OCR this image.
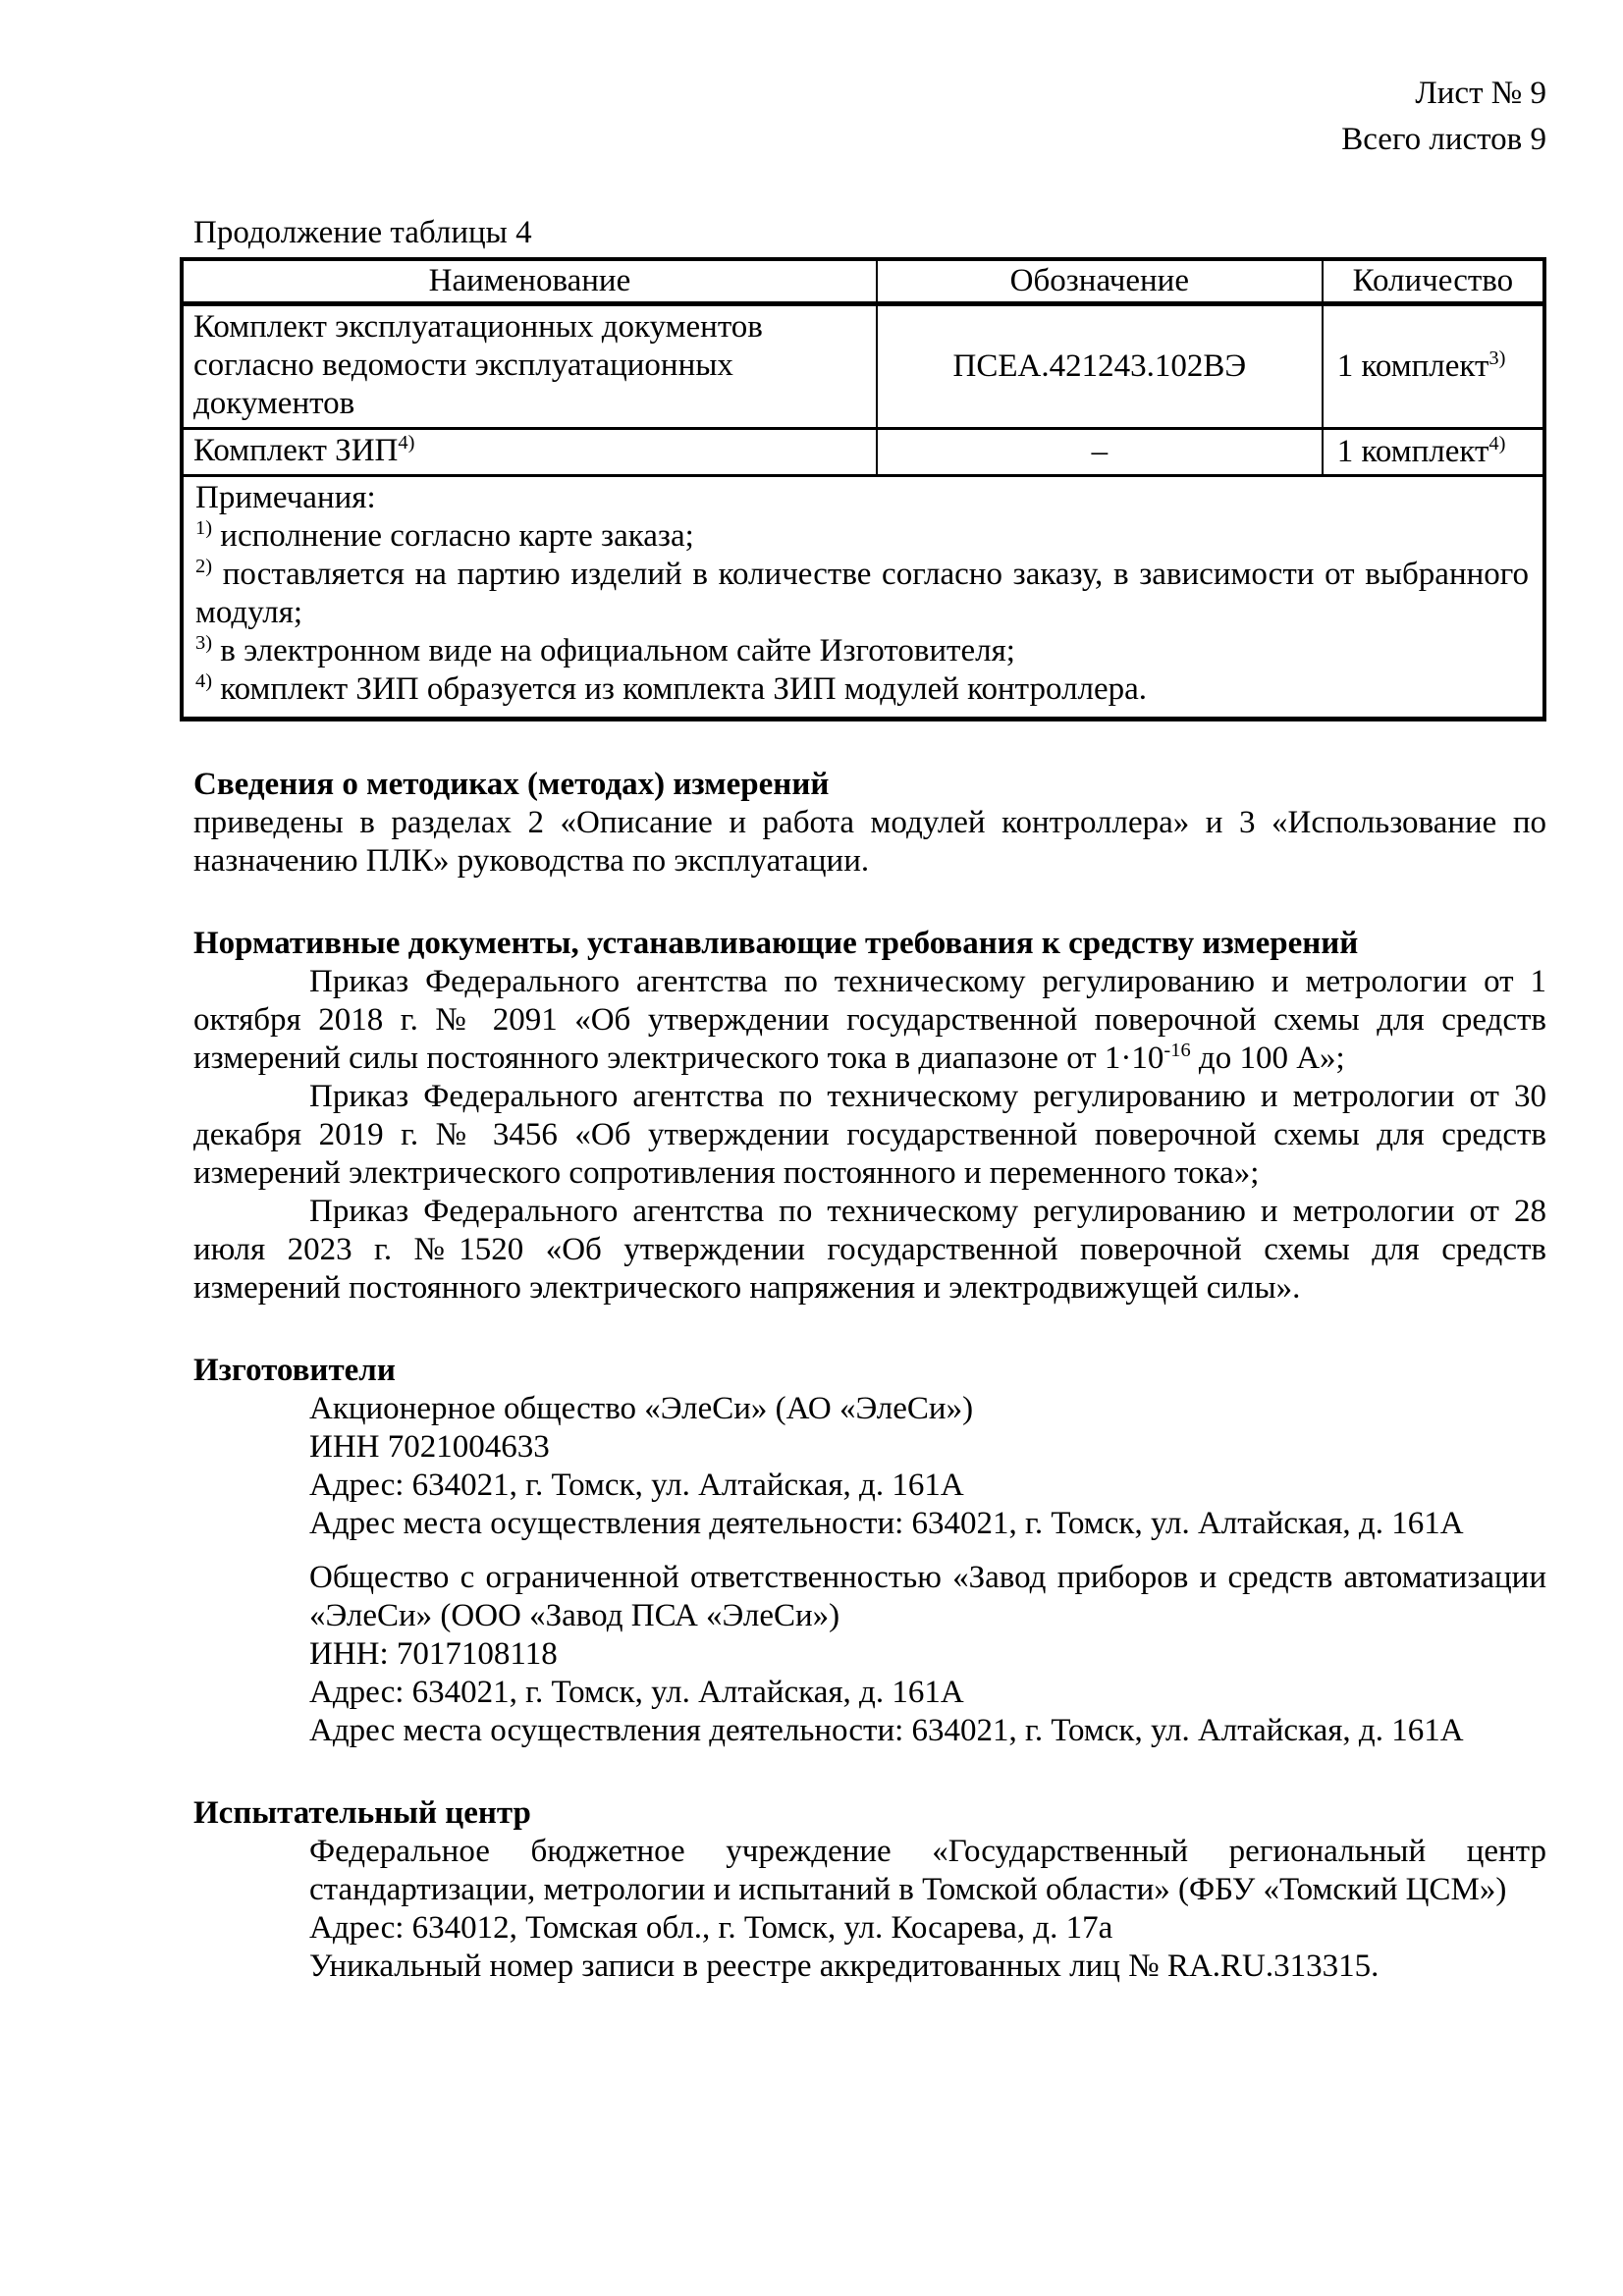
Лист № 9
Всего листов 9
Продолжение таблицы 4
Наименование	Обозначение	Количество
Комплект эксплуатационных документов согласно ведомости эксплуатационных документов	ПСЕА.421243.102ВЭ	1 комплект$^{3)}$
Комплект ЗИП$^{4)}$	–	1 комплект$^{4)}$

Примечания:
$^{1)}$ исполнение согласно карте заказа;
$^{2)}$ поставляется на партию изделий в количестве согласно заказу, в зависимости от выбранного модуля;
$^{3)}$ в электронном виде на официальном сайте Изготовителя;
$^{4)}$ комплект ЗИП образуется из комплекта ЗИП модулей контроллера.		
Сведения о методиках (методах) измерений
приведены в разделах 2 «Описание и работа модулей контроллера» и 3 «Использование по назначению ПЛК» руководства по эксплуатации.
Нормативные документы, устанавливающие требования к средству измерений

Приказ Федерального агентства по техническому регулированию и метрологии от 1 октября 2018 г. № 2091 «Об утверждении государственной поверочной схемы для средств измерений силы постоянного электрического тока в диапазоне от $1\cdot 10^{-16}$ до 100 А»;

Приказ Федерального агентства по техническому регулированию и метрологии от 30 декабря 2019 г. № 3456 «Об утверждении государственной поверочной схемы для средств измерений электрического сопротивления постоянного и переменного тока»;

Приказ Федерального агентства по техническому регулированию и метрологии от 28 июля 2023 г. №1520 «Об утверждении государственной поверочной схемы для средств измерений постоянного электрического напряжения и электродвижущей силы».

Изготовители
Акционерное общество «ЭлеСи» (АО «ЭлеСи»)
ИНН 7021004633
Адрес: 634021, г. Томск, ул. Алтайская, д. 161А
Адрес места осуществления деятельности: 634021, г. Томск, ул. Алтайская, д. 161А
Общество с ограниченной ответственностью «Завод приборов и средств автоматизации «ЭлеСи» (ООО «Завод ПСА «ЭлеСи»)
ИНН: 7017108118
Адрес: 634021, г. Томск, ул. Алтайская, д. 161А
Адрес места осуществления деятельности: 634021, г. Томск, ул. Алтайская, д. 161А
Испытательный центр
Федеральное бюджетное учреждение «Государственный региональный центр стандартизации, метрологии и испытаний в Томской области» (ФБУ «Томский ЦСМ»)
Адрес: 634012, Томская обл., г. Томск, ул. Косарева, д. 17а
Уникальный номер записи в реестре аккредитованных лиц № RA.RU.313315.
